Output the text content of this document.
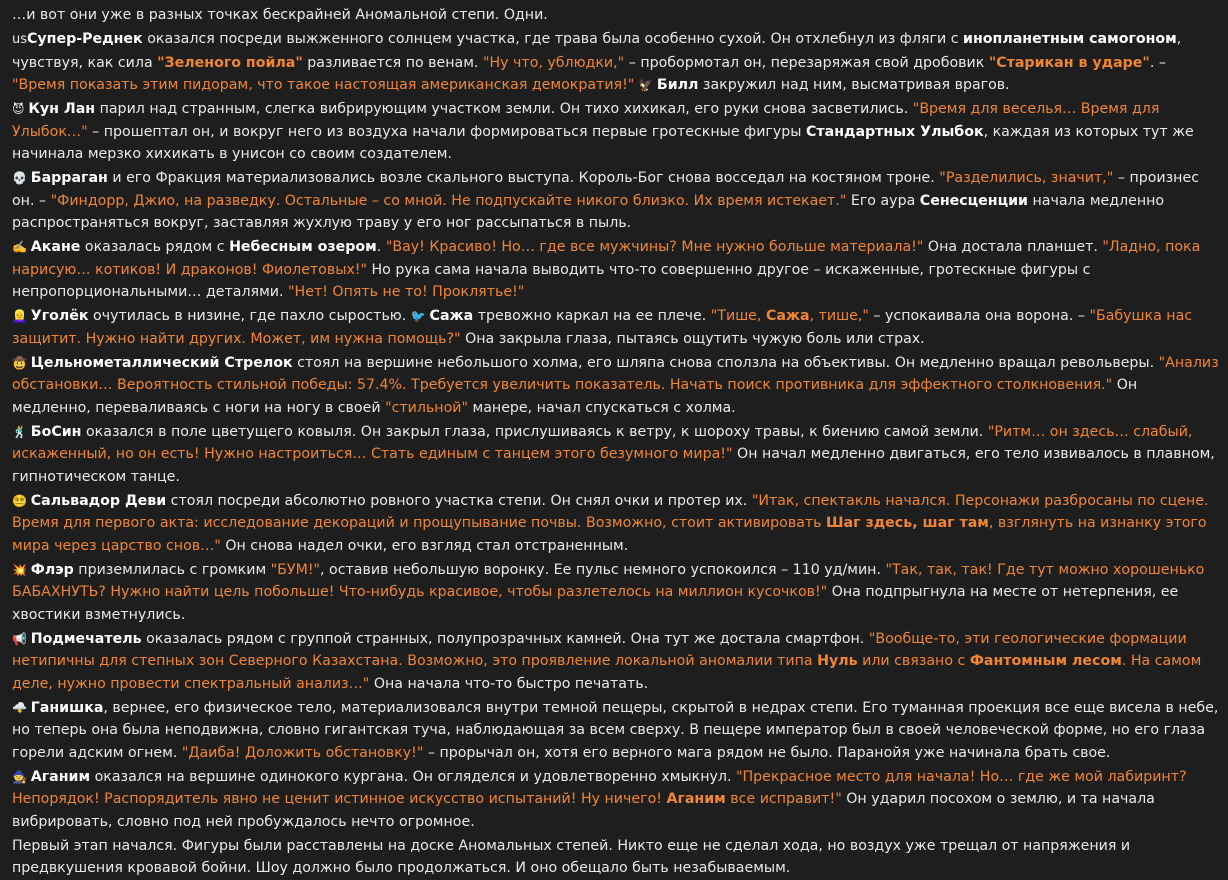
…и вот они уже в разных точках бескрайней Аномальной степи. Одни.

usСупер-Реднек оказался посреди выжженного солнцем участка, где трава была особенно сухой. Он отхлебнул из фляги с инопланетным самогоном, чувствуя, как сила "Зеленого пойла" разливается по венам. "Ну что, ублюдки," – пробормотал он, перезаряжая свой дробовик "Старикан в ударе". – "Время показать этим пидорам, что такое настоящая американская демократия!" 🦅 Билл закружил над ним, высматривая врагов.

😈 Кун Лан парил над странным, слегка вибрирующим участком земли. Он тихо хихикал, его руки снова засветились. "Время для веселья… Время для Улыбок…" – прошептал он, и вокруг него из воздуха начали формироваться первые гротескные фигуры Стандартных Улыбок, каждая из которых тут же начинала мерзко хихикать в унисон со своим создателем.

💀 Барраган и его Фракция материализовались возле скального выступа. Король-Бог снова восседал на костяном троне. "Разделились, значит," – произнес он. – "Финдорр, Джио, на разведку. Остальные – со мной. Не подпускайте никого близко. Их время истекает." Его аура Сенесценции начала медленно распространяться вокруг, заставляя жухлую траву у его ног рассыпаться в пыль.

✍️ Акане оказалась рядом с Небесным озером. "Вау! Красиво! Но… где все мужчины? Мне нужно больше материала!" Она достала планшет. "Ладно, пока нарисую… котиков! И драконов! Фиолетовых!" Но рука сама начала выводить что-то совершенно другое – искаженные, гротескные фигуры с непропорциональными… деталями. "Нет! Опять не то! Проклятье!"

👱‍♀️ Уголёк очутилась в низине, где пахло сыростью. 🐦 Сажа тревожно каркал на ее плече. "Тише, Сажа, тише," – успокаивала она ворона. – "Бабушка нас защитит. Нужно найти других. Может, им нужна помощь?" Она закрыла глаза, пытаясь ощутить чужую боль или страх.

🤠 Цельнометаллический Стрелок стоял на вершине небольшого холма, его шляпа снова сползла на объективы. Он медленно вращал револьверы. "Анализ обстановки… Вероятность стильной победы: 57.4%. Требуется увеличить показатель. Начать поиск противника для эффектного столкновения." Он медленно, переваливаясь с ноги на ногу в своей "стильной" манере, начал спускаться с холма.

🕺 БоСин оказался в поле цветущего ковыля. Он закрыл глаза, прислушиваясь к ветру, к шороху травы, к биению самой земли. "Ритм… он здесь… слабый, искаженный, но он есть! Нужно настроиться… Стать единым с танцем этого безумного мира!" Он начал медленно двигаться, его тело извивалось в плавном, гипнотическом танце.

😵‍💫 Сальвадор Деви стоял посреди абсолютно ровного участка степи. Он снял очки и протер их. "Итак, спектакль начался. Персонажи разбросаны по сцене. Время для первого акта: исследование декораций и прощупывание почвы. Возможно, стоит активировать Шаг здесь, шаг там, взглянуть на изнанку этого мира через царство снов…" Он снова надел очки, его взгляд стал отстраненным.

💥 Флэр приземлилась с громким "БУМ!", оставив небольшую воронку. Ее пульс немного успокоился – 110 уд/мин. "Так, так, так! Где тут можно хорошенько БАБАХНУТЬ? Нужно найти цель побольше! Что-нибудь красивое, чтобы разлетелось на миллион кусочков!" Она подпрыгнула на месте от нетерпения, ее хвостики взметнулись.

📢 Подмечатель оказалась рядом с группой странных, полупрозрачных камней. Она тут же достала смартфон. "Вообще-то, эти геологические формации нетипичны для степных зон Северного Казахстана. Возможно, это проявление локальной аномалии типа Нуль или связано с Фантомным лесом. На самом деле, нужно провести спектральный анализ…" Она начала что-то быстро печатать.

🌩️ Ганишка, вернее, его физическое тело, материализовался внутри темной пещеры, скрытой в недрах степи. Его туманная проекция все еще висела в небе, но теперь она была неподвижна, словно гигантская туча, наблюдающая за всем сверху. В пещере император был в своей человеческой форме, но его глаза горели адским огнем. "Даиба! Доложить обстановку!" – прорычал он, хотя его верного мага рядом не было. Паранойя уже начинала брать свое.

🧙 Аганим оказался на вершине одинокого кургана. Он огляделся и удовлетворенно хмыкнул. "Прекрасное место для начала! Но… где же мой лабиринт? Непорядок! Распорядитель явно не ценит истинное искусство испытаний! Ну ничего! Аганим все исправит!" Он ударил посохом о землю, и та начала вибрировать, словно под ней пробуждалось нечто огромное.

Первый этап начался. Фигуры были расставлены на доске Аномальных степей. Никто еще не сделал хода, но воздух уже трещал от напряжения и предвкушения кровавой бойни. Шоу должно было продолжаться. И оно обещало быть незабываемым.
